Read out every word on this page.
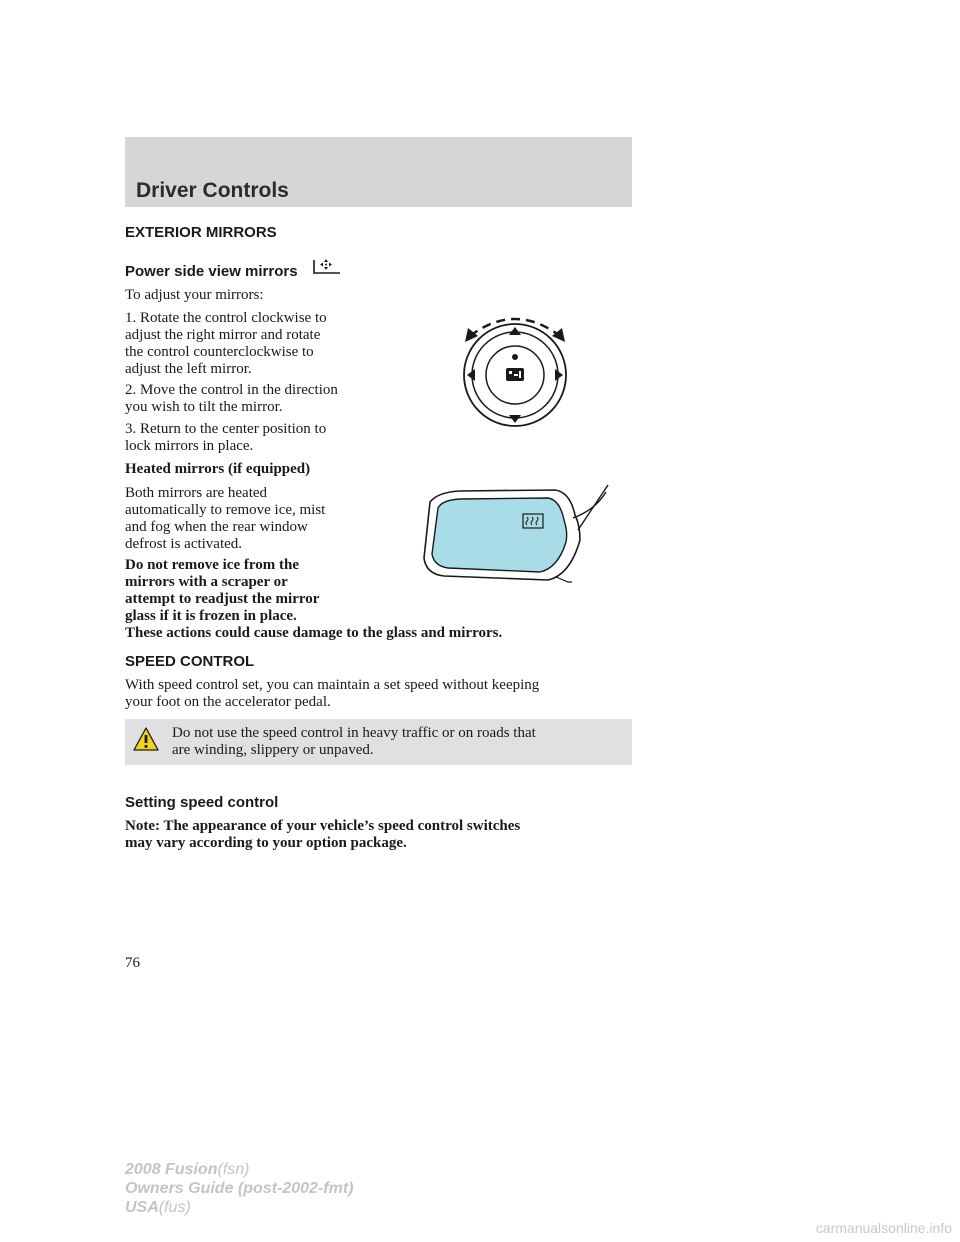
Driver Controls
EXTERIOR MIRRORS
Power side view mirrors
To adjust your mirrors:
1. Rotate the control clockwise to
adjust the right mirror and rotate
the control counterclockwise to
adjust the left mirror.
2. Move the control in the direction
you wish to tilt the mirror.
3. Return to the center position to
lock mirrors in place.
Heated mirrors (if equipped)
Both mirrors are heated
automatically to remove ice, mist
and fog when the rear window
defrost is activated.
Do not remove ice from the
mirrors with a scraper or
attempt to readjust the mirror
glass if it is frozen in place.
These actions could cause damage to the glass and mirrors.
SPEED CONTROL
With speed control set, you can maintain a set speed without keeping
your foot on the accelerator pedal.
Do not use the speed control in heavy traffic or on roads that
are winding, slippery or unpaved.
Setting speed control
Note: The appearance of your vehicle’s speed control switches
may vary according to your option package.
76
2008 Fusion(fsn)
Owners Guide (post-2002-fmt)
USA(fus)
carmanualsonline.info
